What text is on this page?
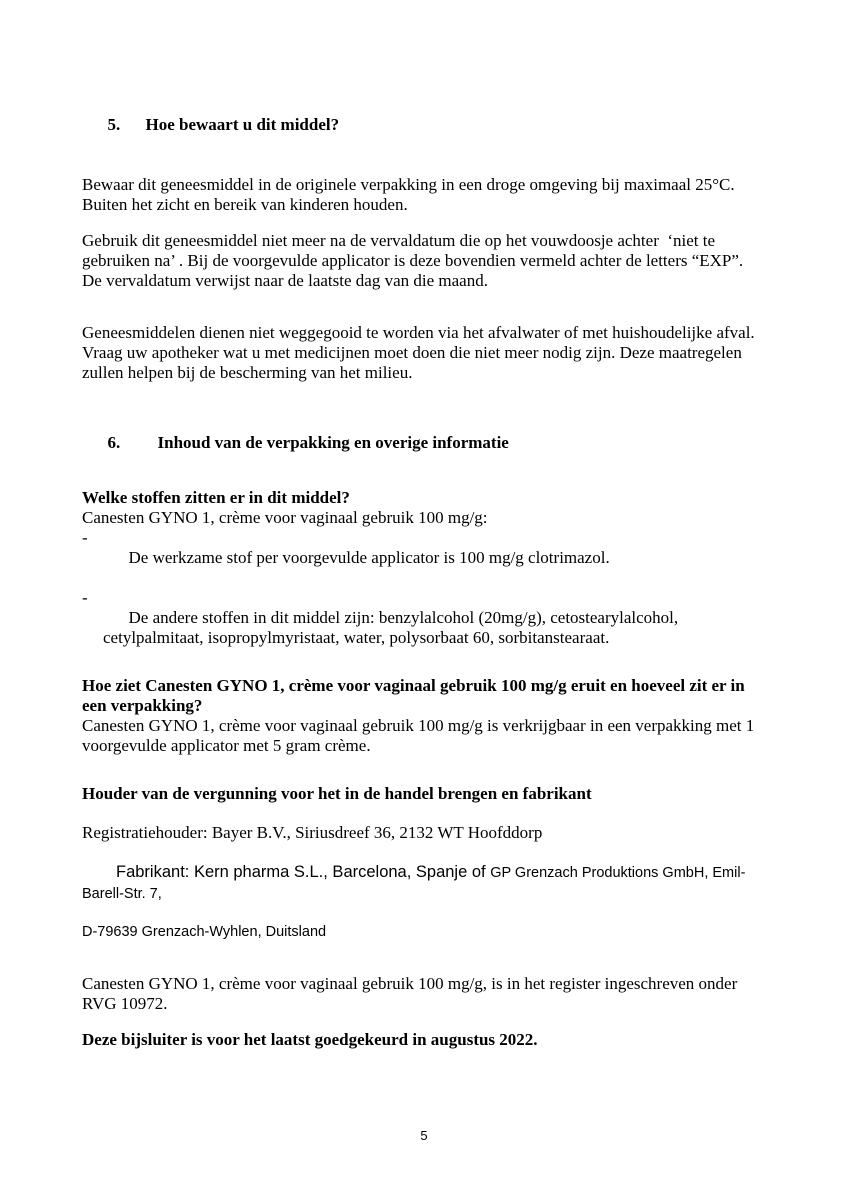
5. Hoe bewaart u dit middel?

Bewaar dit geneesmiddel in de originele verpakking in een droge omgeving bij maximaal 25°C.
Buiten het zicht en bereik van kinderen houden.

Gebruik dit geneesmiddel niet meer na de vervaldatum die op het vouwdoosje achter  ‘niet te gebruiken na’ . Bij de voorgevulde applicator is deze bovendien vermeld achter de letters “EXP”. De vervaldatum verwijst naar de laatste dag van die maand.

Geneesmiddelen dienen niet weggegooid te worden via het afvalwater of met huishoudelijke afval. Vraag uw apotheker wat u met medicijnen moet doen die niet meer nodig zijn. Deze maatregelen zullen helpen bij de bescherming van het milieu.

6. Inhoud van de verpakking en overige informatie

Welke stoffen zitten er in dit middel?
Canesten GYNO 1, crème voor vaginaal gebruik 100 mg/g:

-
De werkzame stof per voorgevulde applicator is 100 mg/g clotrimazol.

-
De andere stoffen in dit middel zijn: benzylalcohol (20mg/g), cetostearylalcohol, cetylpalmitaat, isopropylmyristaat, water, polysorbaat 60, sorbitanstearaat.

Hoe ziet Canesten GYNO 1, crème voor vaginaal gebruik 100 mg/g eruit en hoeveel zit er in een verpakking?

Canesten GYNO 1, crème voor vaginaal gebruik 100 mg/g is verkrijgbaar in een verpakking met 1 voorgevulde applicator met 5 gram crème.

Houder van de vergunning voor het in de handel brengen en fabrikant
Registratiehouder: Bayer B.V., Siriusdreef 36, 2132 WT Hoofddorp

Fabrikant: Kern pharma S.L., Barcelona, Spanje of GP Grenzach Produktions GmbH, Emil-Barell-Str. 7,

D-79639 Grenzach-Wyhlen, Duitsland

Canesten GYNO 1, crème voor vaginaal gebruik 100 mg/g, is in het register ingeschreven onder RVG 10972.

Deze bijsluiter is voor het laatst goedgekeurd in augustus 2022.
5
